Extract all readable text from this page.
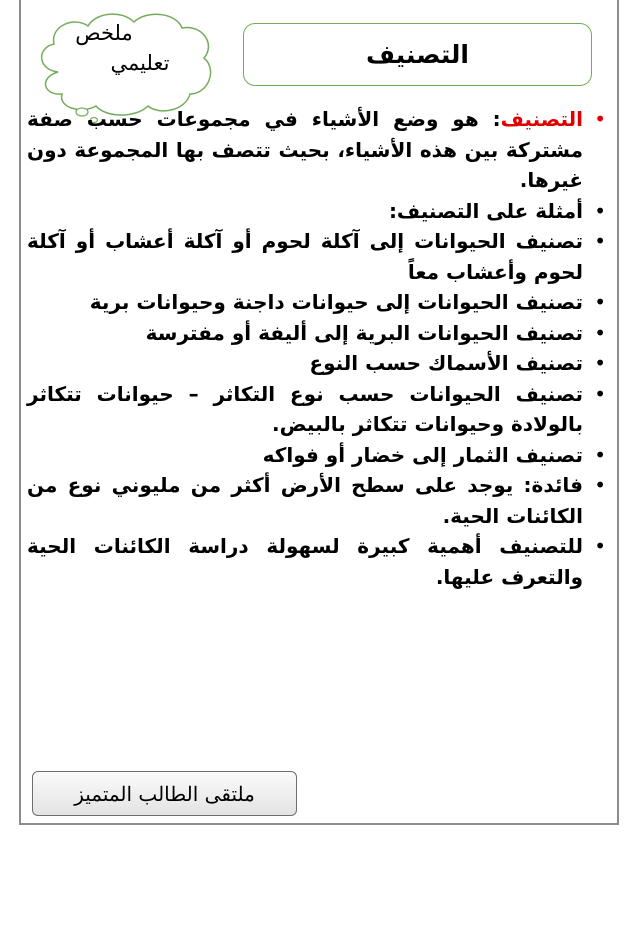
ملخص
تعليمي	التصنيف
• التصنيف: هو وضع الأشياء في مجموعات حسب صفة مشتركة بين هذه الأشياء، بحيث تتصف بها المجموعة دون غيرها.
• أمثلة على التصنيف:
• تصنيف الحيوانات إلى آكلة لحوم أو آكلة أعشاب أو آكلة لحوم وأعشاب معاً
• تصنيف الحيوانات إلى حيوانات داجنة وحيوانات برية
• تصنيف الحيوانات البرية إلى أليفة أو مفترسة
• تصنيف الأسماك حسب النوع
• تصنيف الحيوانات حسب نوع التكاثر – حيوانات تتكاثر بالولادة وحيوانات تتكاثر بالبيض.
• تصنيف الثمار إلى خضار أو فواكه
• فائدة: يوجد على سطح الأرض أكثر من مليوني نوع من الكائنات الحية.
• للتصنيف أهمية كبيرة لسهولة دراسة الكائنات الحية والتعرف عليها.
ملتقى الطالب المتميز
